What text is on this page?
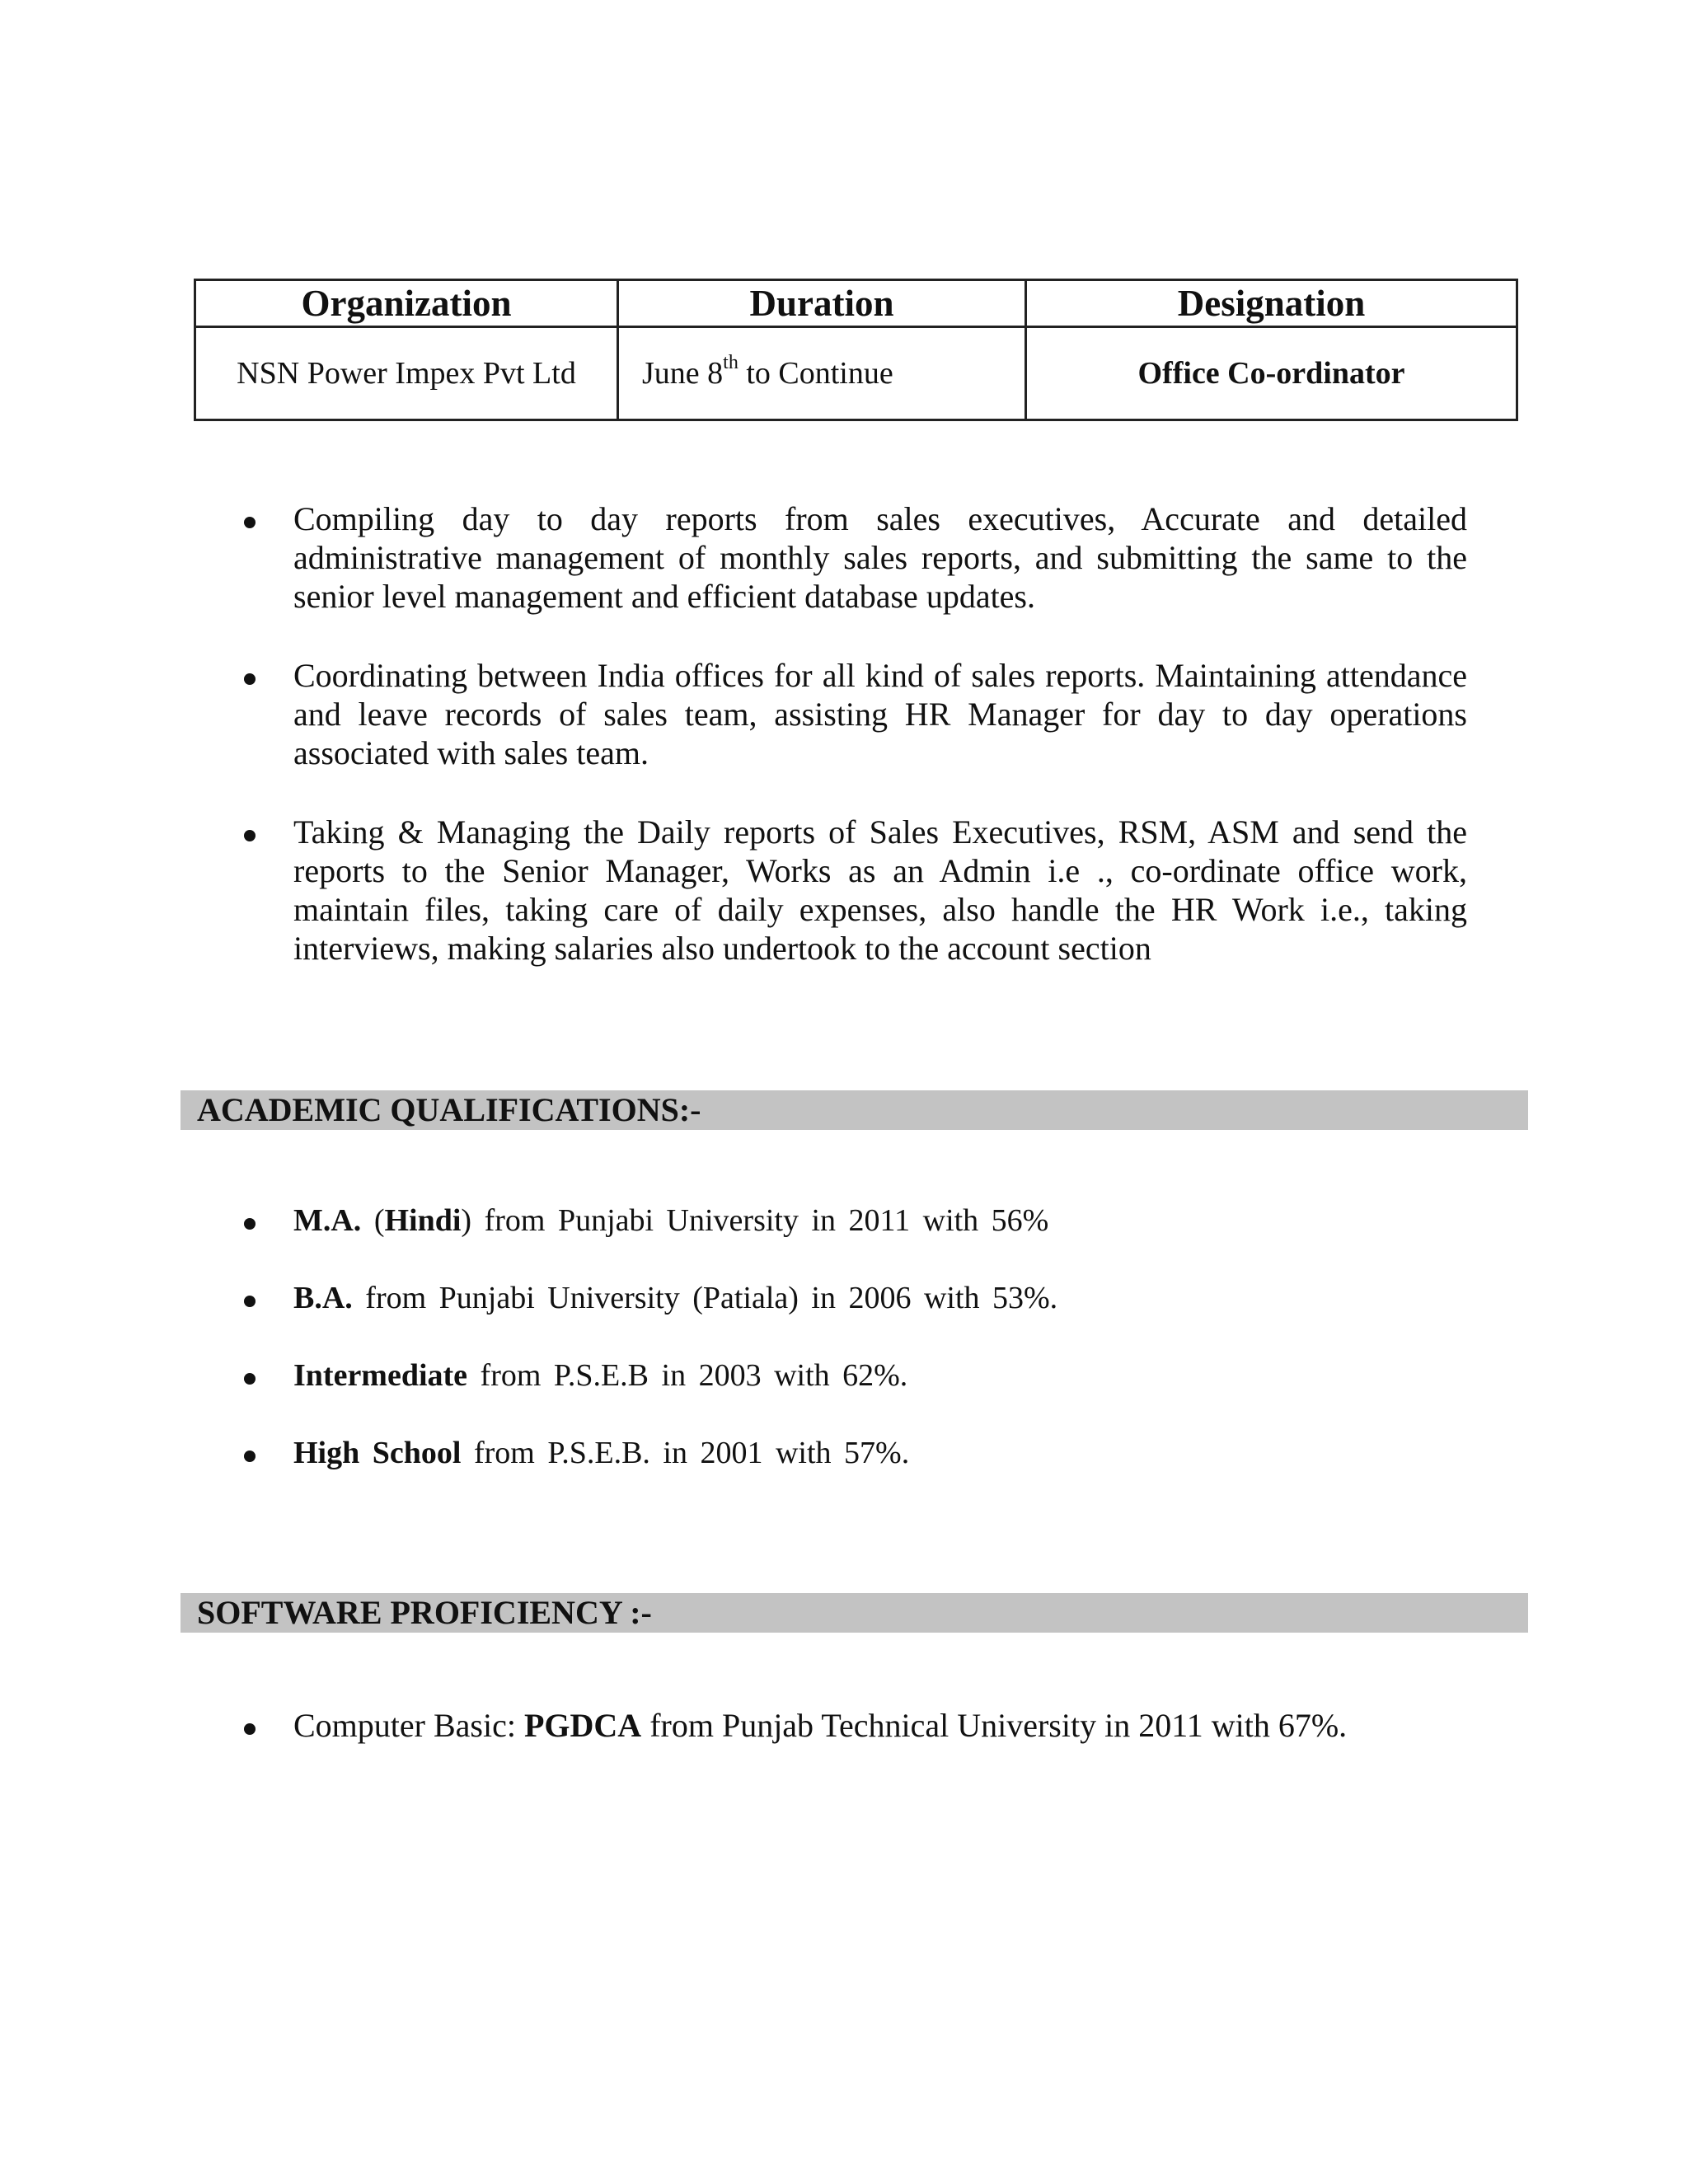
Organization	Duration	Designation
NSN Power Impex Pvt Ltd	June 8th to Continue	Office Co-ordinator
Compiling day to day reports from sales executives, Accurate and detailed administrative management of monthly sales reports, and submitting the same to the senior level management and efficient database updates.
Coordinating between India offices for all kind of sales reports. Maintaining attendance and leave records of sales team, assisting HR Manager for day to day operations associated with sales team.
Taking & Managing the Daily reports of Sales Executives, RSM, ASM and send the reports to the Senior Manager, Works as an Admin i.e ., co-ordinate office work, maintain files, taking care of daily expenses, also handle the HR Work i.e., taking interviews, making salaries also undertook to the account section
ACADEMIC QUALIFICATIONS:-
M.A. (Hindi) from Punjabi University in 2011 with 56%
B.A. from Punjabi University (Patiala) in 2006 with 53%.
Intermediate from P.S.E.B in 2003 with 62%.
High School from P.S.E.B. in 2001 with 57%.
SOFTWARE PROFICIENCY :-
Computer Basic: PGDCA from Punjab Technical University in 2011 with 67%.
